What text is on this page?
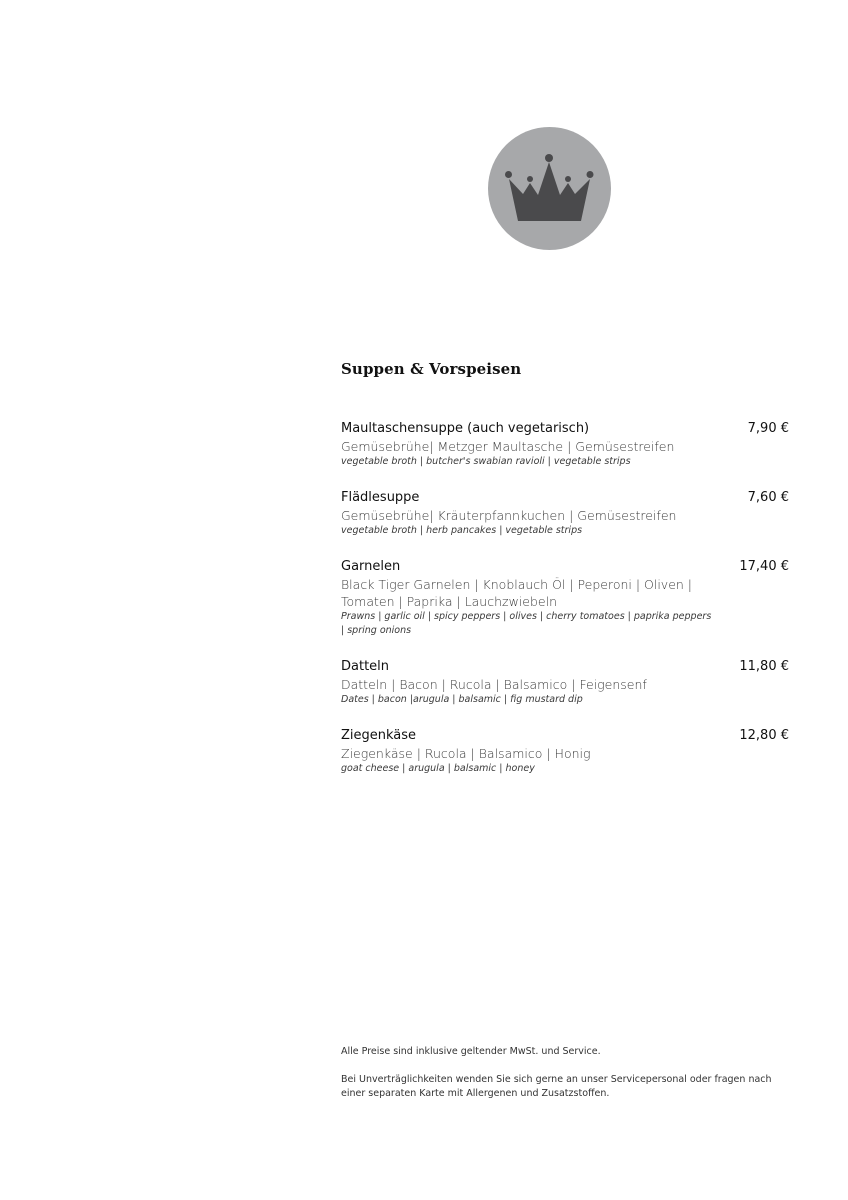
Suppen & Vorspeisen
Maultaschensuppe (auch vegetarisch)	7,90 €
Gemüsebrühe| Metzger Maultasche | Gemüsestreifen
vegetable broth | butcher's swabian ravioli | vegetable strips
Flädlesuppe	7,60 €
Gemüsebrühe| Kräuterpfannkuchen | Gemüsestreifen
vegetable broth | herb pancakes | vegetable strips
Garnelen	17,40 €
Black Tiger Garnelen | Knoblauch Öl | Peperoni | Oliven | Tomaten | Paprika | Lauchzwiebeln
Prawns | garlic oil | spicy peppers | olives | cherry tomatoes | paprika peppers | spring onions
Datteln	11,80 €
Datteln | Bacon | Rucola | Balsamico | Feigensenf
Dates | bacon |arugula | balsamic | fig mustard dip
Ziegenkäse	12,80 €
Ziegenkäse | Rucola | Balsamico | Honig
goat cheese | arugula | balsamic | honey

Alle Preise sind inklusive geltender MwSt. und Service.

Bei Unverträglichkeiten wenden Sie sich gerne an unser Servicepersonal oder fragen nach einer separaten Karte mit Allergenen und Zusatzstoffen.
